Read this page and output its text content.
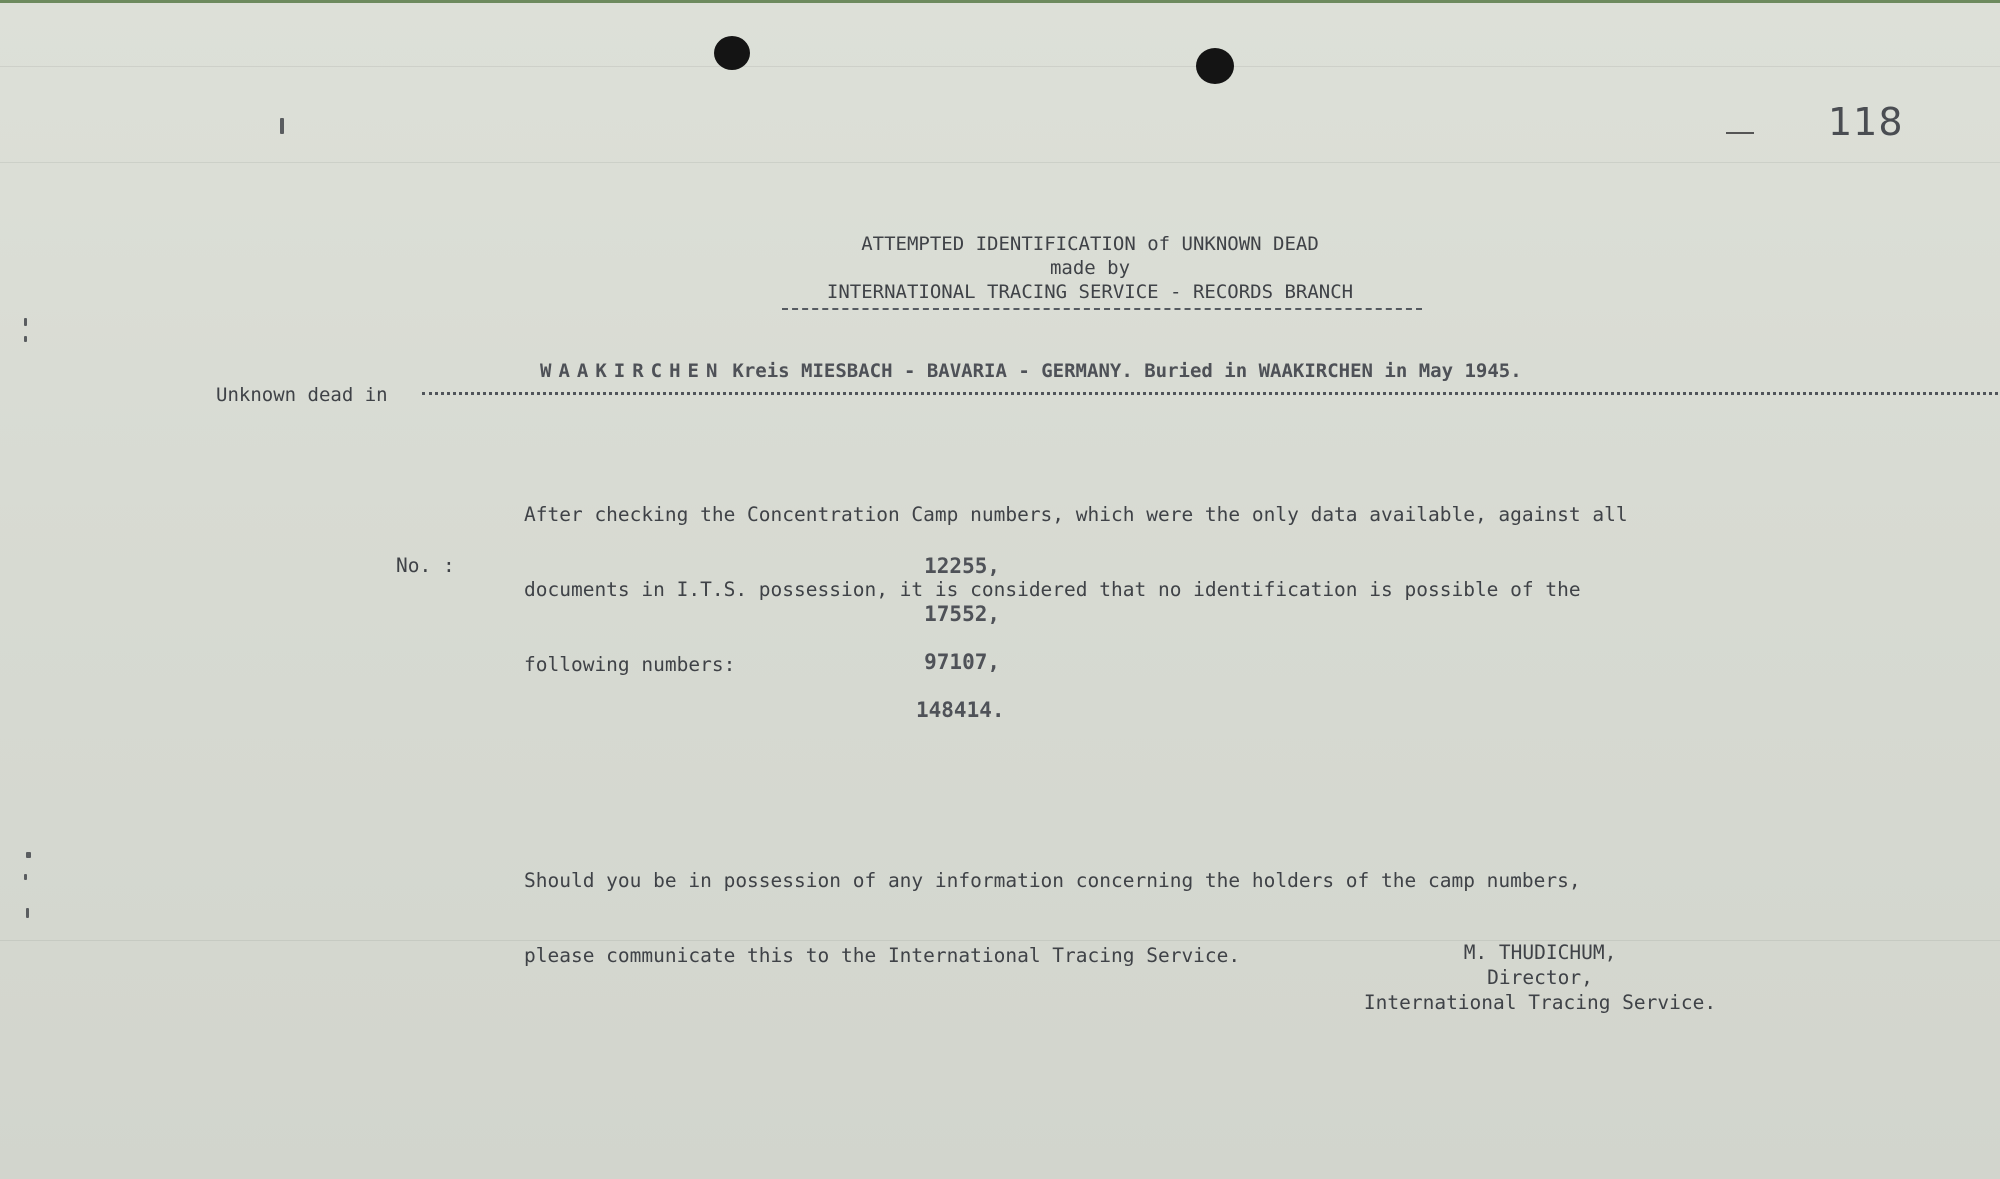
118
ATTEMPTED IDENTIFICATION of UNKNOWN DEAD
made by
INTERNATIONAL TRACING SERVICE - RECORDS BRANCH
Unknown dead in
WAAKIRCHEN Kreis MIESBACH - BAVARIA - GERMANY. Buried in WAAKIRCHEN in May 1945.

After checking the Concentration Camp numbers, which were the only data available, against all

documents in I.T.S. possession, it is considered that no identification is possible of the

following numbers:

No. :	12255,
17552,
97107,
148414.

Should you be in possession of any information concerning the holders of the camp numbers,

please communicate this to the International Tracing Service.

	M. THUDICHUM,
Director,
International Tracing Service.
